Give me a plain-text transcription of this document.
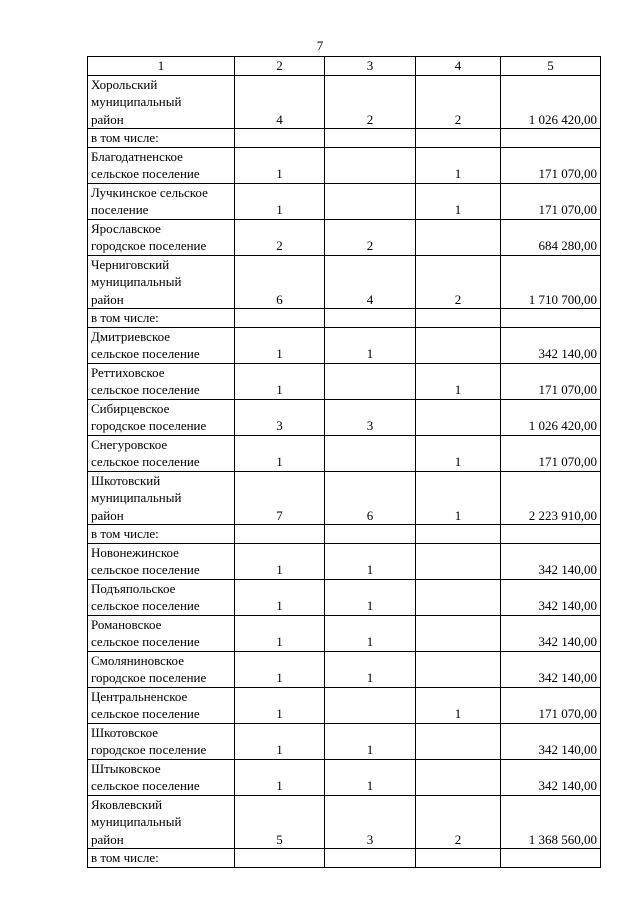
7
1	2	3	4	5

Хорольский
муниципальный
район	4	2	2	1 026 420,00

в том числе:				

Благодатненское
сельское поселение	1		1	171 070,00

Лучкинское сельское
поселение	1		1	171 070,00

Ярославское
городское поселение	2	2		684 280,00

Черниговский
муниципальный
район	6	4	2	1 710 700,00

в том числе:				

Дмитриевское
сельское поселение	1	1		342 140,00

Реттиховское
сельское поселение	1		1	171 070,00

Сибирцевское
городское поселение	3	3		1 026 420,00

Снегуровское
сельское поселение	1		1	171 070,00

Шкотовский
муниципальный
район	7	6	1	2 223 910,00

в том числе:				

Новонежинское
сельское поселение	1	1		342 140,00

Подъяпольское
сельское поселение	1	1		342 140,00

Романовское
сельское поселение	1	1		342 140,00

Смоляниновское
городское поселение	1	1		342 140,00

Центральненское
сельское поселение	1		1	171 070,00

Шкотовское
городское поселение	1	1		342 140,00

Штыковское
сельское поселение	1	1		342 140,00

Яковлевский
муниципальный
район	5	3	2	1 368 560,00

в том числе:				
